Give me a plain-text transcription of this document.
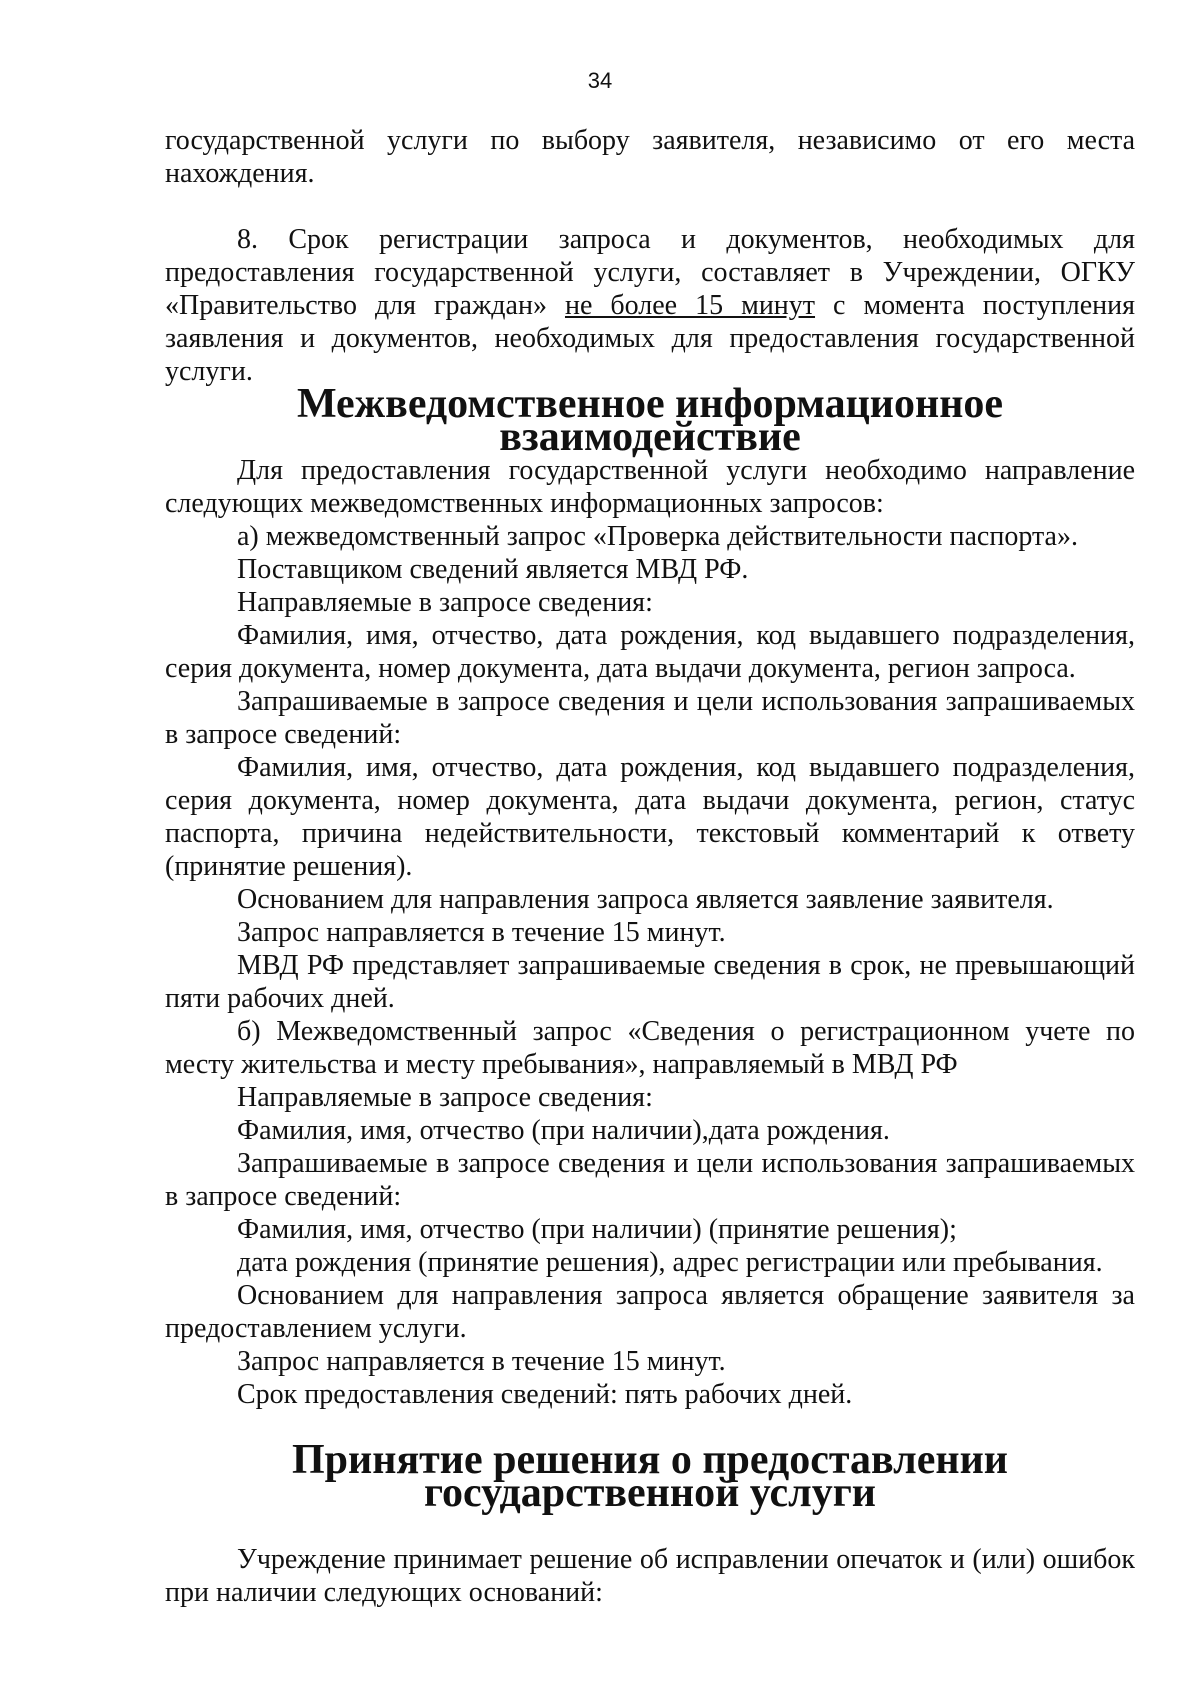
34

государственной услуги по выбору заявителя, независимо от его места нахождения.

8. Срок регистрации запроса и документов, необходимых для предоставления государственной услуги, составляет в Учреждении, ОГКУ «Правительство для граждан» не более 15 минут с момента поступления заявления и документов, необходимых для предоставления государственной услуги.

Межведомственное информационное взаимодействие

Для предоставления государственной услуги необходимо направление следующих межведомственных информационных запросов:

а) межведомственный запрос «Проверка действительности паспорта».

Поставщиком сведений является МВД РФ.

Направляемые в запросе сведения:

Фамилия, имя, отчество, дата рождения, код выдавшего подразделения, серия документа, номер документа, дата выдачи документа, регион запроса.

Запрашиваемые в запросе сведения и цели использования запрашиваемых в запросе сведений:

Фамилия, имя, отчество, дата рождения, код выдавшего подразделения, серия документа, номер документа, дата выдачи документа, регион, статус паспорта, причина недействительности, текстовый комментарий к ответу (принятие решения).

Основанием для направления запроса является заявление заявителя.

Запрос направляется в течение 15 минут.

МВД РФ представляет запрашиваемые сведения в срок, не превышающий пяти рабочих дней.

б) Межведомственный запрос «Сведения о регистрационном учете по месту жительства и месту пребывания», направляемый в МВД РФ

Направляемые в запросе сведения:

Фамилия, имя, отчество (при наличии),дата рождения.

Запрашиваемые в запросе сведения и цели использования запрашиваемых в запросе сведений:

Фамилия, имя, отчество (при наличии) (принятие решения);

дата рождения (принятие решения), адрес регистрации или пребывания.

Основанием для направления запроса является обращение заявителя за предоставлением услуги.

Запрос направляется в течение 15 минут.

Срок предоставления сведений: пять рабочих дней.

Принятие решения о предоставлении государственной услуги

Учреждение принимает решение об исправлении опечаток и (или) ошибок при наличии следующих оснований:
